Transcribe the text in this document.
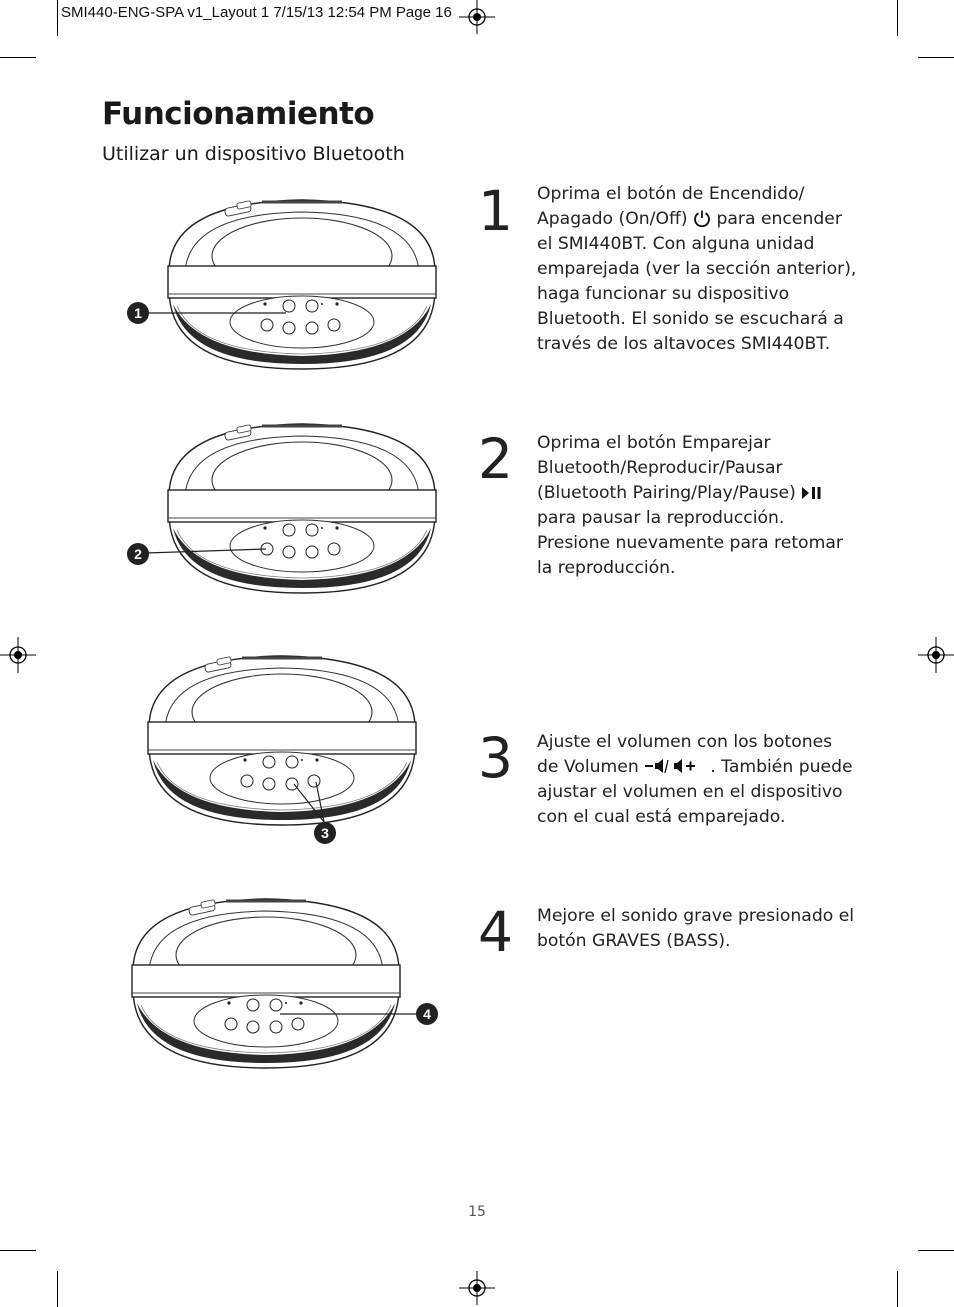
SMI440-ENG-SPA v1_Layout 1 7/15/13 12:54 PM Page 16
Funcionamiento
Utilizar un dispositivo Bluetooth
1
2
3
4
1 Oprima el botón de Encendido/ Apagado (On/Off)  para encender el SMI440BT. Con alguna unidad emparejada (ver la sección anterior), haga funcionar su dispositivo Bluetooth. El sonido se escuchará a través de los altavoces SMI440BT.
2 Oprima el botón Emparejar Bluetooth/Reproducir/Pausar (Bluetooth Pairing/Play/Pause)  para pausar la reproducción. Presione nuevamente para retomar la reproducción.
3 Ajuste el volumen con los botones de Volumen	. También puede ajustar el volumen en el dispositivo con el cual está emparejado.
4 Mejore el sonido grave presionado el botón GRAVES (BASS).
15
